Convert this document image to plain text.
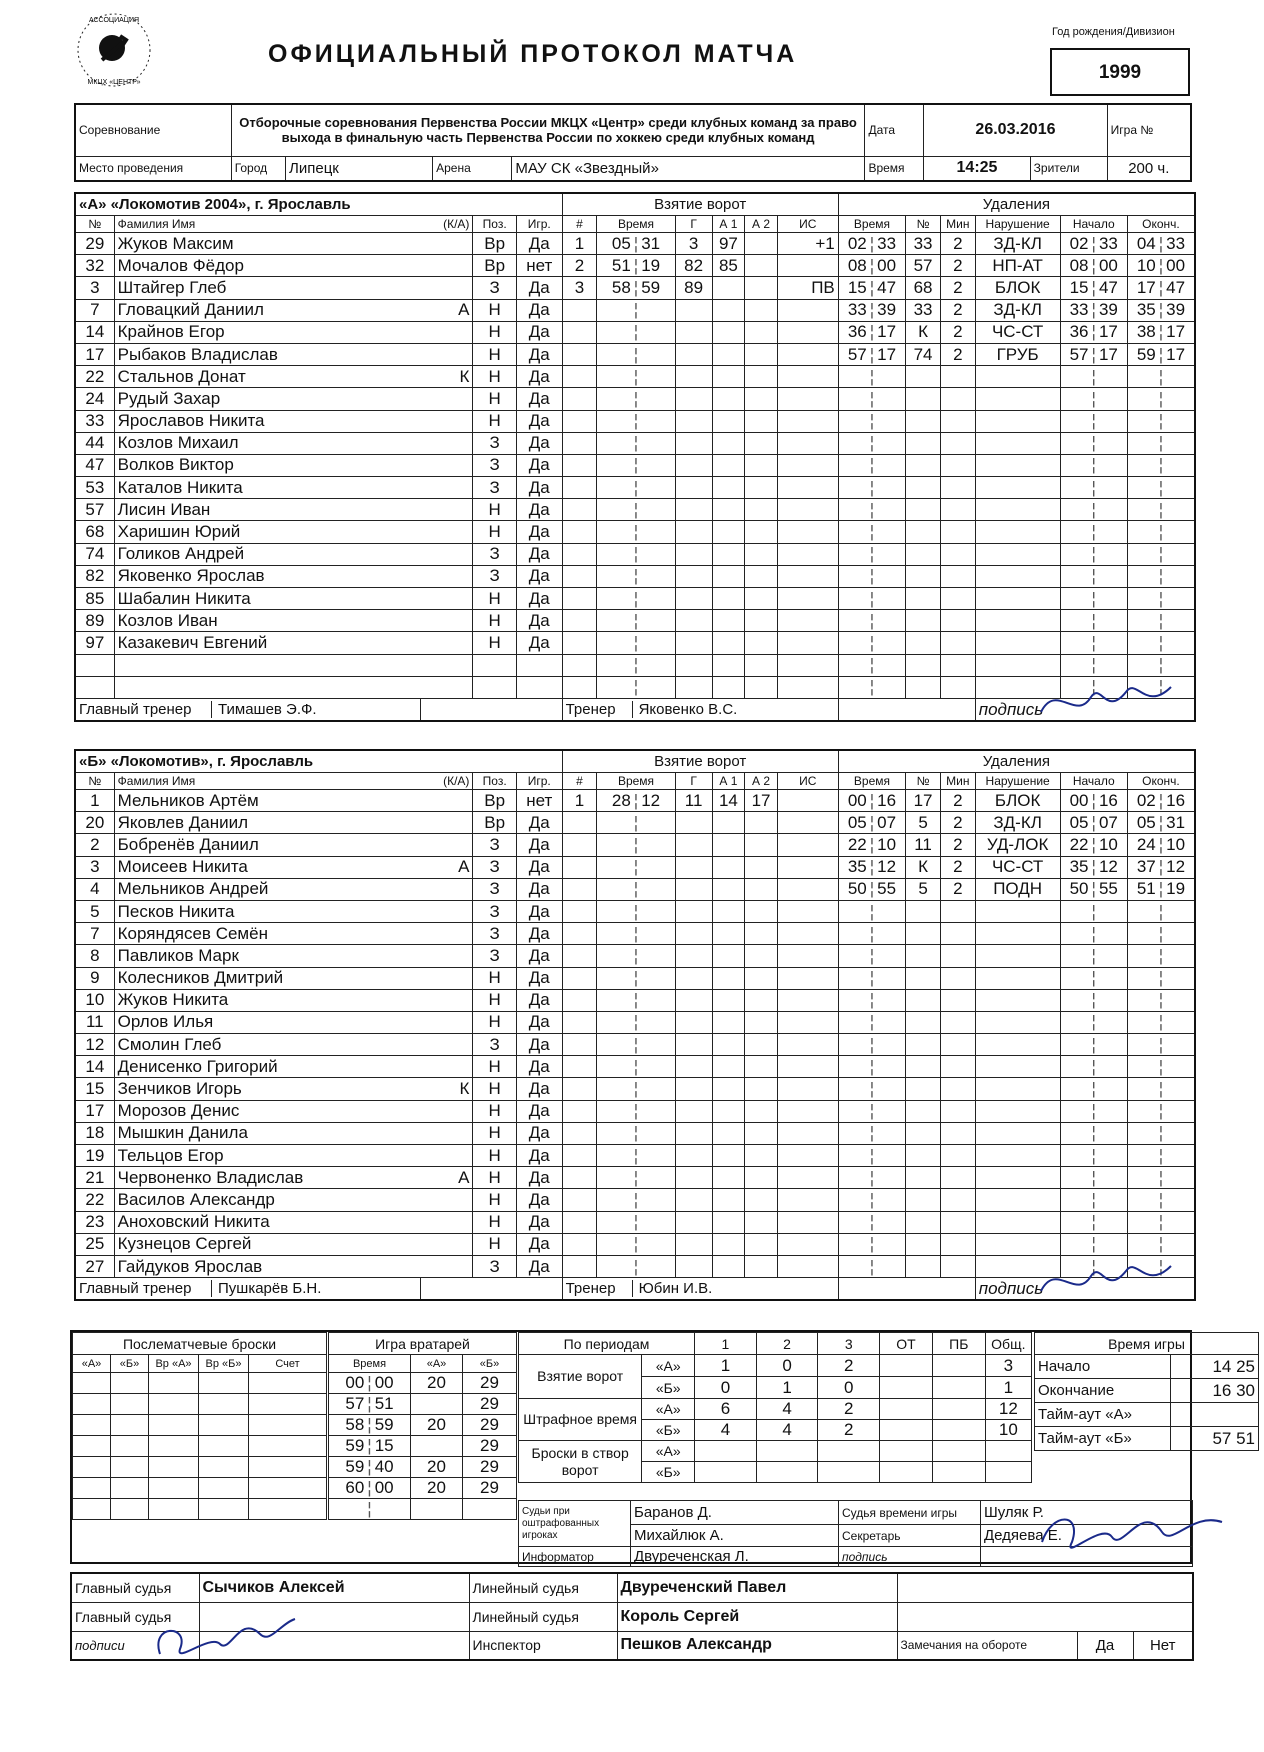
АССОЦИАЦИЯ
МКЦХ «ЦЕНТР»
ОФИЦИАЛЬНЫЙ ПРОТОКОЛ МАТЧА
Год рождения/Дивизион
1999
Соревнование	Отборочные соревнования Первенства России МКЦХ «Центр» среди клубных команд за право выхода в финальную часть Первенства России по хоккею среди клубных команд				Дата	26.03.2016		Игра №
Место проведения	Город	Липецк	Арена	МАУ СК «Звездный»	Время	14:25	Зрители	200 ч.
«А» «Локомотив 2004», г. Ярославль					Взятие ворот						Удаления					
№	Фамилия Имя (К/А)		Поз.	Игр.	#	Время	Г	А 1	А 2	ИС	Время	№	Мин	Нарушение	Начало	Оконч.
29	Жуков Максим		Вр	Да	1	05 ¦ 31	3	97		+1	02 ¦ 33	33	2	ЗД-КЛ	02 ¦ 33	04 ¦ 33
32	Мочалов Фёдор		Вр	нет	2	51 ¦ 19	82	85			08 ¦ 00	57	2	НП-АТ	08 ¦ 00	10 ¦ 00
3	Штайгер Глеб		З	Да	3	58 ¦ 59	89			ПВ	15 ¦ 47	68	2	БЛОК	15 ¦ 47	17 ¦ 47
7	Гловацкий Даниил	А	Н	Да		¦					33 ¦ 39	33	2	ЗД-КЛ	33 ¦ 39	35 ¦ 39
14	Крайнов Егор		Н	Да		¦					36 ¦ 17	К	2	ЧС-СТ	36 ¦ 17	38 ¦ 17
17	Рыбаков Владислав		Н	Да		¦					57 ¦ 17	74	2	ГРУБ	57 ¦ 17	59 ¦ 17
22	Стальнов Донат	К	Н	Да		¦					¦				¦	¦
24	Рудый Захар		Н	Да		¦					¦				¦	¦
33	Ярославов Никита		Н	Да		¦					¦				¦	¦
44	Козлов Михаил		З	Да		¦					¦				¦	¦
47	Волков Виктор		З	Да		¦					¦				¦	¦
53	Каталов Никита		З	Да		¦					¦				¦	¦
57	Лисин Иван		Н	Да		¦					¦				¦	¦
68	Харишин Юрий		Н	Да		¦					¦				¦	¦
74	Голиков Андрей		З	Да		¦					¦				¦	¦
82	Яковенко Ярослав		З	Да		¦					¦				¦	¦
85	Шабалин Никита		Н	Да		¦					¦				¦	¦
89	Козлов Иван		Н	Да		¦					¦				¦	¦
97	Казакевич Евгений		Н	Да		¦					¦				¦	¦
						¦					¦				¦	¦
						¦					¦				¦	¦
Главный тренер Тимашев Э.Ф.					Тренер Яковенко В.С.									подпись		
«Б» «Локомотив», г. Ярославль					Взятие ворот						Удаления					
№	Фамилия Имя (К/А)		Поз.	Игр.	#	Время	Г	А 1	А 2	ИС	Время	№	Мин	Нарушение	Начало	Оконч.
1	Мельников Артём		Вр	нет	1	28 ¦ 12	11	14	17		00 ¦ 16	17	2	БЛОК	00 ¦ 16	02 ¦ 16
20	Яковлев Даниил		Вр	Да		¦					05 ¦ 07	5	2	ЗД-КЛ	05 ¦ 07	05 ¦ 31
2	Бобренёв Даниил		З	Да		¦					22 ¦ 10	11	2	УД-ЛОК	22 ¦ 10	24 ¦ 10
3	Моисеев Никита	А	З	Да		¦					35 ¦ 12	К	2	ЧС-СТ	35 ¦ 12	37 ¦ 12
4	Мельников Андрей		З	Да		¦					50 ¦ 55	5	2	ПОДН	50 ¦ 55	51 ¦ 19
5	Песков Никита		З	Да		¦					¦				¦	¦
7	Коряндясев Семён		З	Да		¦					¦				¦	¦
8	Павликов Марк		З	Да		¦					¦				¦	¦
9	Колесников Дмитрий		Н	Да		¦					¦				¦	¦
10	Жуков Никита		Н	Да		¦					¦				¦	¦
11	Орлов Илья		Н	Да		¦					¦				¦	¦
12	Смолин Глеб		З	Да		¦					¦				¦	¦
14	Денисенко Григорий		Н	Да		¦					¦				¦	¦
15	Зенчиков Игорь	К	Н	Да		¦					¦				¦	¦
17	Морозов Денис		Н	Да		¦					¦				¦	¦
18	Мышкин Данила		Н	Да		¦					¦				¦	¦
19	Тельцов Егор		Н	Да		¦					¦				¦	¦
21	Червоненко Владислав	А	Н	Да		¦					¦				¦	¦
22	Василов Александр		Н	Да		¦					¦				¦	¦
23	Аноховский Никита		Н	Да		¦					¦				¦	¦
25	Кузнецов Сергей		Н	Да		¦					¦				¦	¦
27	Гайдуков Ярослав		З	Да		¦					¦				¦	¦
Главный тренер Пушкарёв Б.Н.					Тренер Юбин И.В.									подпись		
Послематчевые броски				
«А»	«Б»	Вр «А»	Вр «Б»	Счет

Игра вратарей		
Время	«А»	«Б»
00 ¦ 00	20	29
57 ¦ 51		29
58 ¦ 59	20	29
59 ¦ 15		29
59 ¦ 40	20	29
60 ¦ 00	20	29
¦		
По периодам		1	2	3	ОТ	ПБ	Общ.
Взятие ворот	«А»	1	0	2			3
	«Б»	0	1	0			1
Штрафное время	«А»	6	4	2			12
	«Б»	4	4	2			10
Броски в створ ворот	«А»						
	«Б»						
Судьи при оштрафованных игроках	Баранов Д.	Судья времени игры	Шуляк Р.
	Михайлюк А.	Секретарь	Дедяева Е.
Информатор	Двуреченская Л.	подпись	
Время игры	
Начало	14 25
Окончание	16 30
Тайм-аут «А»	
Тайм-аут «Б»	57 51
Главный судья	Сычиков Алексей	Линейный судья	Двуреченский Павел			
Главный судья		Линейный судья	Король Сергей			
подписи		Инспектор	Пешков Александр	Замечания на обороте	Да	Нет
